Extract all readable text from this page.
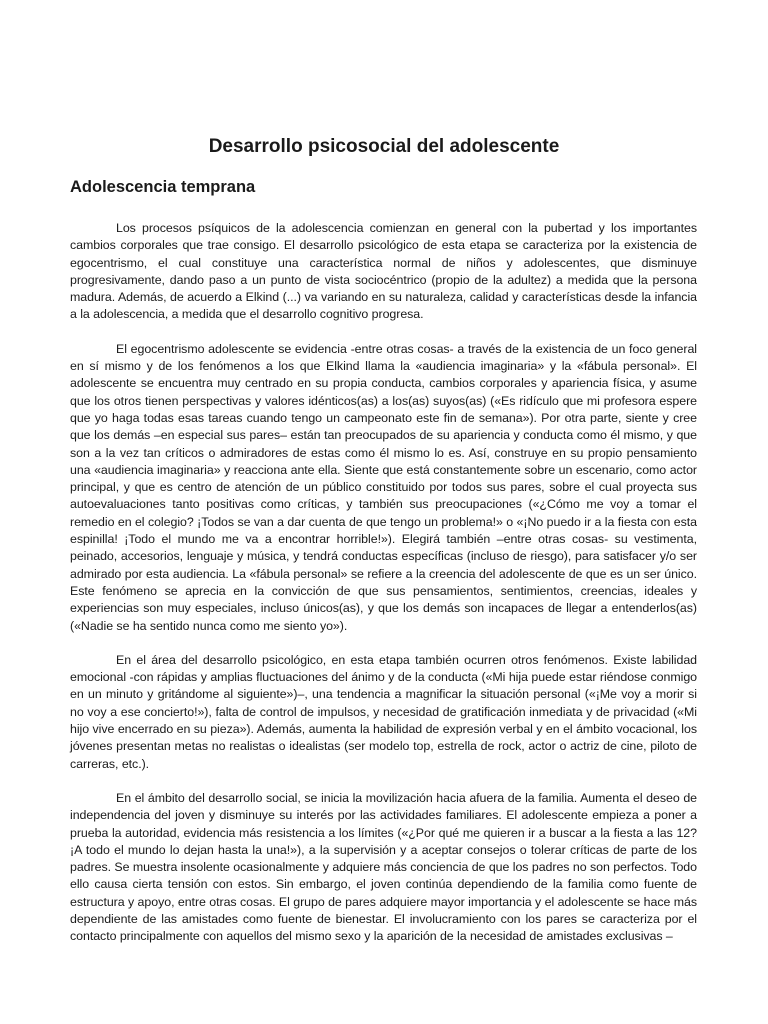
Desarrollo psicosocial del adolescente
Adolescencia temprana

Los procesos psíquicos de la adolescencia comienzan en general con la pubertad y los importantes cambios corporales que trae consigo. El desarrollo psicológico de esta etapa se caracteriza por la existencia de egocentrismo, el cual constituye una característica normal de niños y adolescentes, que disminuye progresivamente, dando paso a un punto de vista sociocéntrico (propio de la adultez) a medida que la persona madura. Además, de acuerdo a Elkind (...) va variando en su naturaleza, calidad y características desde la infancia a la adolescencia, a medida que el desarrollo cognitivo progresa.

El egocentrismo adolescente se evidencia -entre otras cosas- a través de la existencia de un foco general en sí mismo y de los fenómenos a los que Elkind llama la «audiencia imaginaria» y la «fábula personal». El adolescente se encuentra muy centrado en su propia conducta, cambios corporales y apariencia física, y asume que los otros tienen perspectivas y valores idénticos(as) a los(as) suyos(as) («Es ridículo que mi profesora espere que yo haga todas esas tareas cuando tengo un campeonato este fin de semana»). Por otra parte, siente y cree que los demás –en especial sus pares– están tan preocupados de su apariencia y conducta como él mismo, y que son a la vez tan críticos o admiradores de estas como él mismo lo es. Así, construye en su propio pensamiento una «audiencia imaginaria» y reacciona ante ella. Siente que está constantemente sobre un escenario, como actor principal, y que es centro de atención de un público constituido por todos sus pares, sobre el cual proyecta sus autoevaluaciones tanto positivas como críticas, y también sus preocupaciones («¿Cómo me voy a tomar el remedio en el colegio? ¡Todos se van a dar cuenta de que tengo un problema!» o «¡No puedo ir a la fiesta con esta espinilla! ¡Todo el mundo me va a encontrar horrible!»). Elegirá también –entre otras cosas- su vestimenta, peinado, accesorios, lenguaje y música, y tendrá conductas específicas (incluso de riesgo), para satisfacer y/o ser admirado por esta audiencia. La «fábula personal» se refiere a la creencia del adolescente de que es un ser único. Este fenómeno se aprecia en la convicción de que sus pensamientos, sentimientos, creencias, ideales y experiencias son muy especiales, incluso únicos(as), y que los demás son incapaces de llegar a entenderlos(as) («Nadie se ha sentido nunca como me siento yo»).

En el área del desarrollo psicológico, en esta etapa también ocurren otros fenómenos. Existe labilidad emocional -con rápidas y amplias fluctuaciones del ánimo y de la conducta («Mi hija puede estar riéndose conmigo en un minuto y gritándome al siguiente»)–, una tendencia a magnificar la situación personal («¡Me voy a morir si no voy a ese concierto!»), falta de control de impulsos, y necesidad de gratificación inmediata y de privacidad («Mi hijo vive encerrado en su pieza»). Además, aumenta la habilidad de expresión verbal y en el ámbito vocacional, los jóvenes presentan metas no realistas o idealistas (ser modelo top, estrella de rock, actor o actriz de cine, piloto de carreras, etc.).

En el ámbito del desarrollo social, se inicia la movilización hacia afuera de la familia. Aumenta el deseo de independencia del joven y disminuye su interés por las actividades familiares. El adolescente empieza a poner a prueba la autoridad, evidencia más resistencia a los límites («¿Por qué me quieren ir a buscar a la fiesta a las 12? ¡A todo el mundo lo dejan hasta la una!»), a la supervisión y a aceptar consejos o tolerar críticas de parte de los padres. Se muestra insolente ocasionalmente y adquiere más conciencia de que los padres no son perfectos. Todo ello causa cierta tensión con estos. Sin embargo, el joven continúa dependiendo de la familia como fuente de estructura y apoyo, entre otras cosas. El grupo de pares adquiere mayor importancia y el adolescente se hace más dependiente de las amistades como fuente de bienestar. El involucramiento con los pares se caracteriza por el contacto principalmente con aquellos del mismo sexo y la aparición de la necesidad de amistades exclusivas –
